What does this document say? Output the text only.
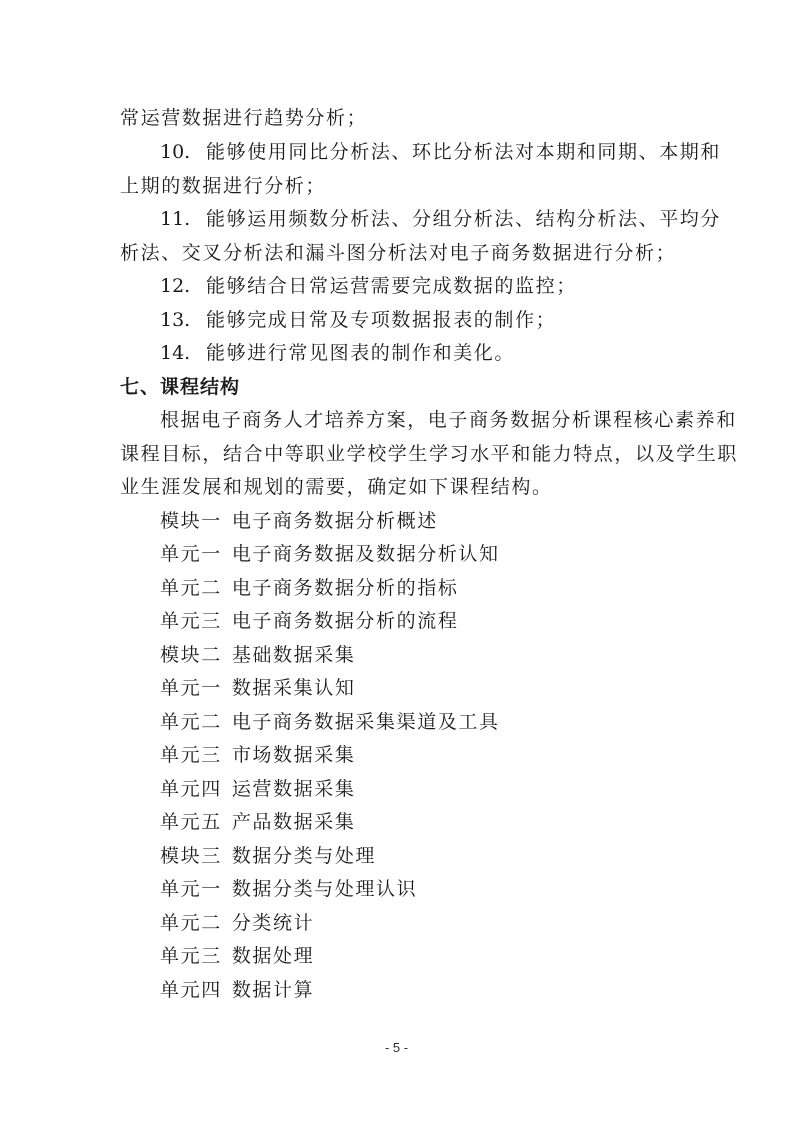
常运营数据进行趋势分析；
10. 能够使用同比分析法、环比分析法对本期和同期、本期和
上期的数据进行分析；
11. 能够运用频数分析法、分组分析法、结构分析法、平均分
析法、交叉分析法和漏斗图分析法对电子商务数据进行分析；
12. 能够结合日常运营需要完成数据的监控；
13. 能够完成日常及专项数据报表的制作；
14. 能够进行常见图表的制作和美化。
七、课程结构
根据电子商务人才培养方案，电子商务数据分析课程核心素养和
课程目标，结合中等职业学校学生学习水平和能力特点，以及学生职
业生涯发展和规划的需要，确定如下课程结构。
模块一 电子商务数据分析概述
单元一 电子商务数据及数据分析认知
单元二 电子商务数据分析的指标
单元三 电子商务数据分析的流程
模块二 基础数据采集
单元一 数据采集认知
单元二 电子商务数据采集渠道及工具
单元三 市场数据采集
单元四 运营数据采集
单元五 产品数据采集
模块三 数据分类与处理
单元一 数据分类与处理认识
单元二 分类统计
单元三 数据处理
单元四 数据计算
- 5 -
